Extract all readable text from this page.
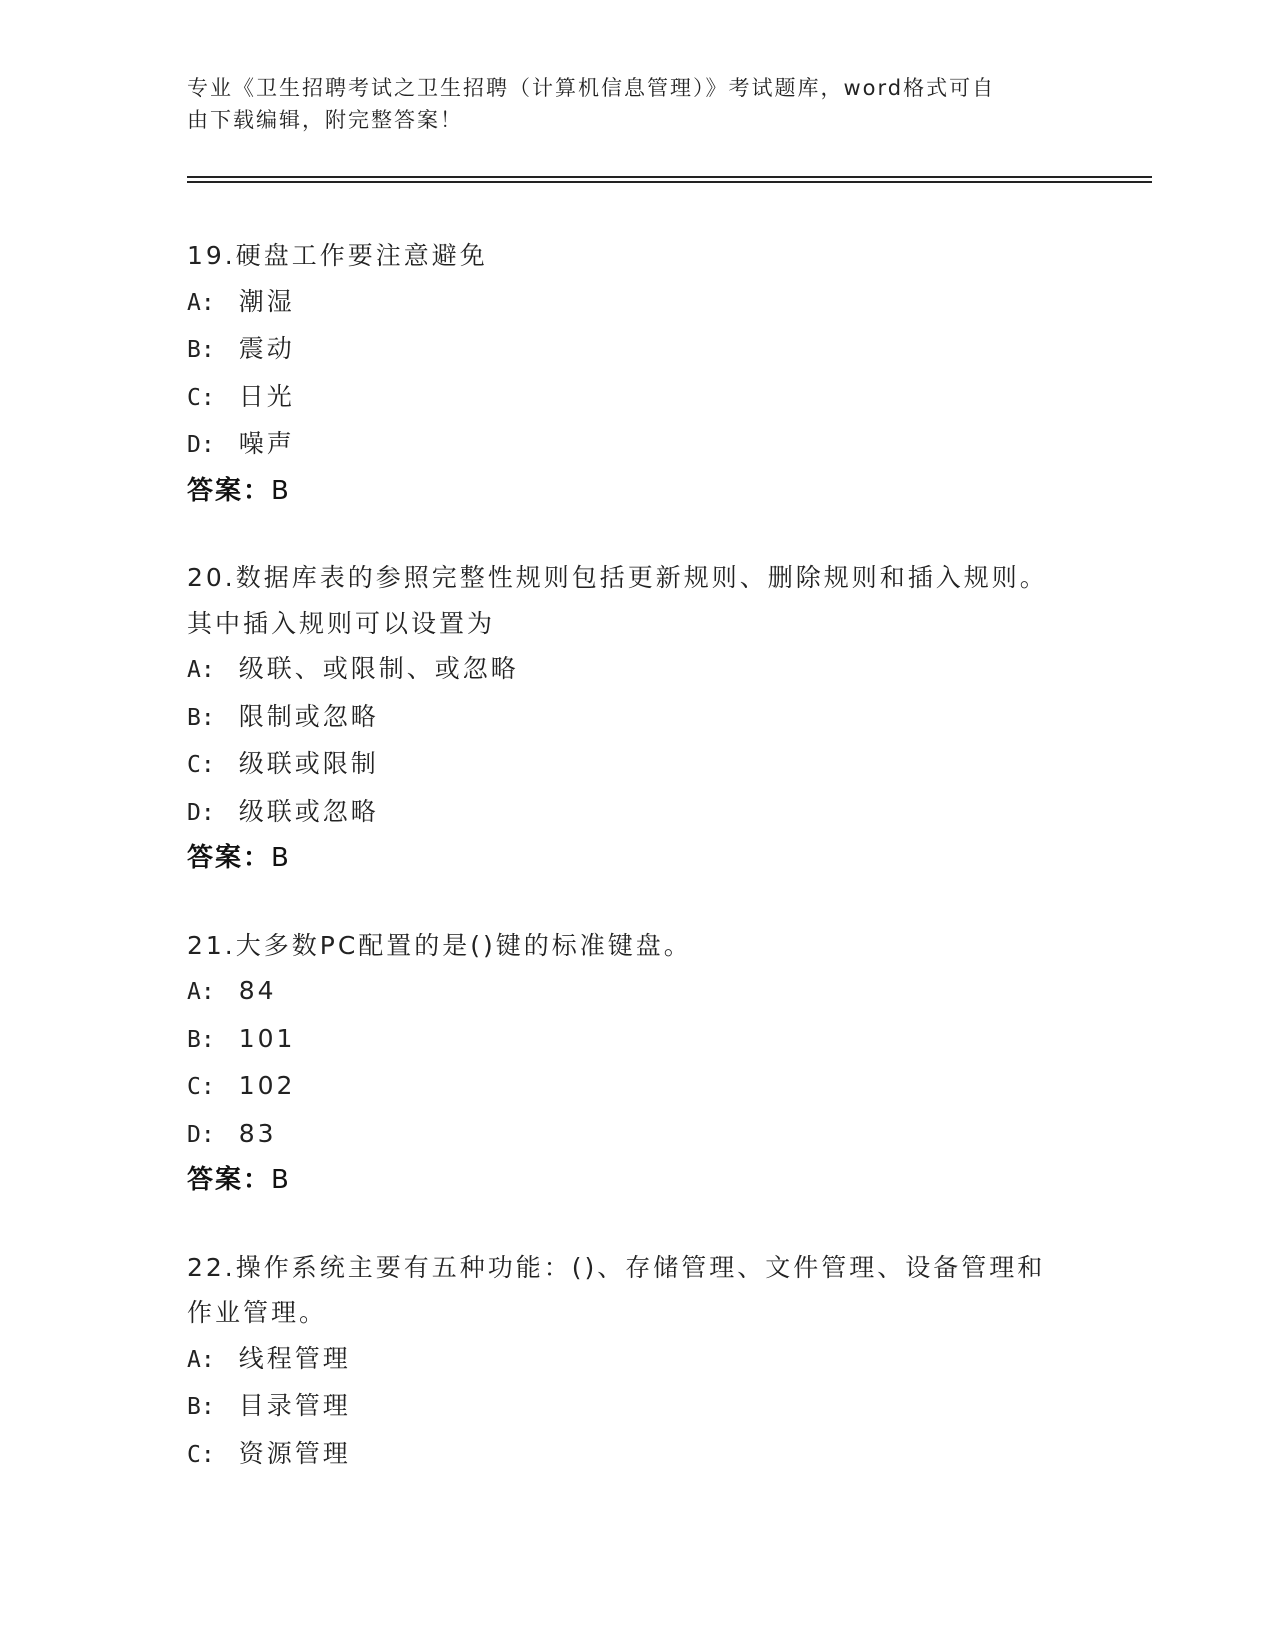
专业《卫生招聘考试之卫生招聘（计算机信息管理）》考试题库，word格式可自
由下载编辑，附完整答案！
19.硬盘工作要注意避免
A: 潮湿
B: 震动
C: 日光
D: 噪声
答案：B
20.数据库表的参照完整性规则包括更新规则、删除规则和插入规则。
其中插入规则可以设置为
A: 级联、或限制、或忽略
B: 限制或忽略
C: 级联或限制
D: 级联或忽略
答案：B
21.大多数PC配置的是()键的标准键盘。
A: 84
B: 101
C: 102
D: 83
答案：B
22.操作系统主要有五种功能：()、存储管理、文件管理、设备管理和
作业管理。
A: 线程管理
B: 目录管理
C: 资源管理
